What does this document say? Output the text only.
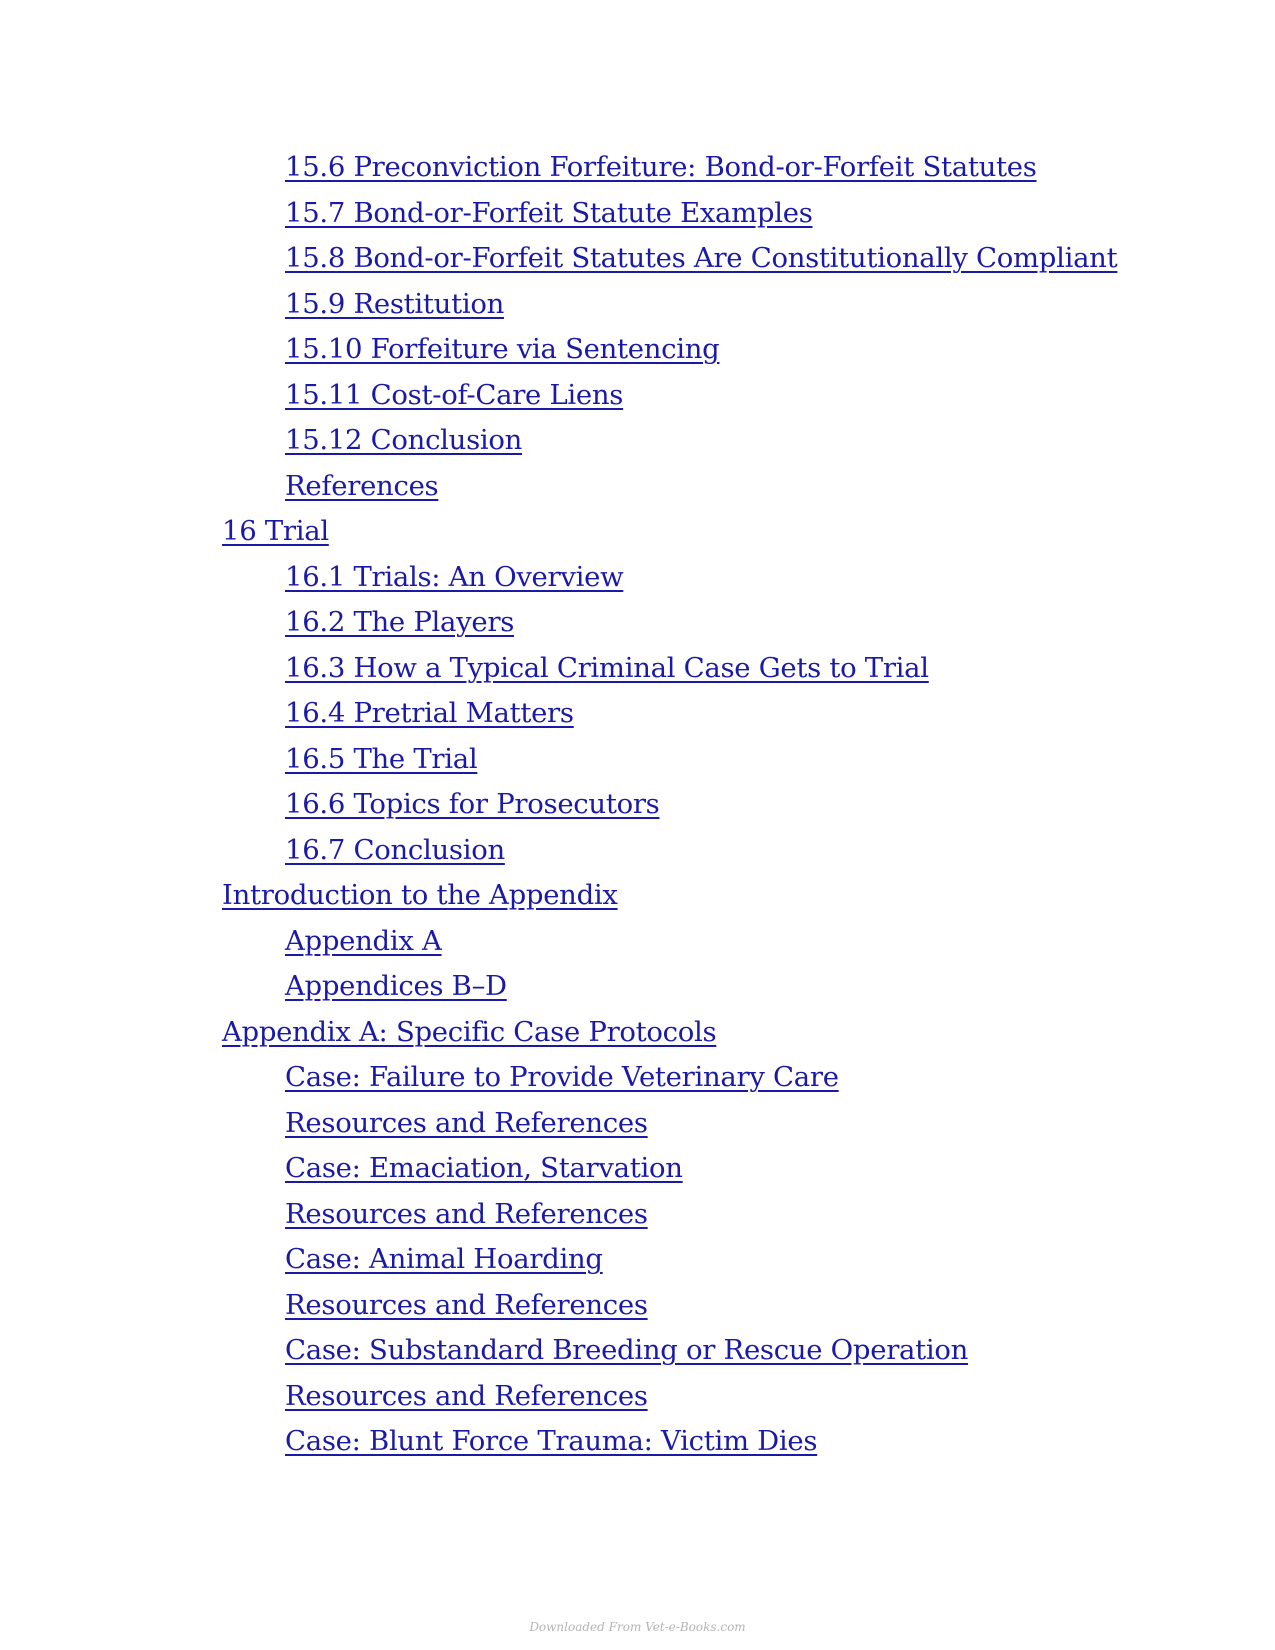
15.6 Preconviction Forfeiture: Bond-or-Forfeit Statutes
15.7 Bond-or-Forfeit Statute Examples
15.8 Bond-or-Forfeit Statutes Are Constitutionally Compliant
15.9 Restitution
15.10 Forfeiture via Sentencing
15.11 Cost-of-Care Liens
15.12 Conclusion
References
16 Trial
16.1 Trials: An Overview
16.2 The Players
16.3 How a Typical Criminal Case Gets to Trial
16.4 Pretrial Matters
16.5 The Trial
16.6 Topics for Prosecutors
16.7 Conclusion
Introduction to the Appendix
Appendix A
Appendices B–D
Appendix A: Specific Case Protocols
Case: Failure to Provide Veterinary Care
Resources and References
Case: Emaciation, Starvation
Resources and References
Case: Animal Hoarding
Resources and References
Case: Substandard Breeding or Rescue Operation
Resources and References
Case: Blunt Force Trauma: Victim Dies
Downloaded From Vet-e-Books.com
